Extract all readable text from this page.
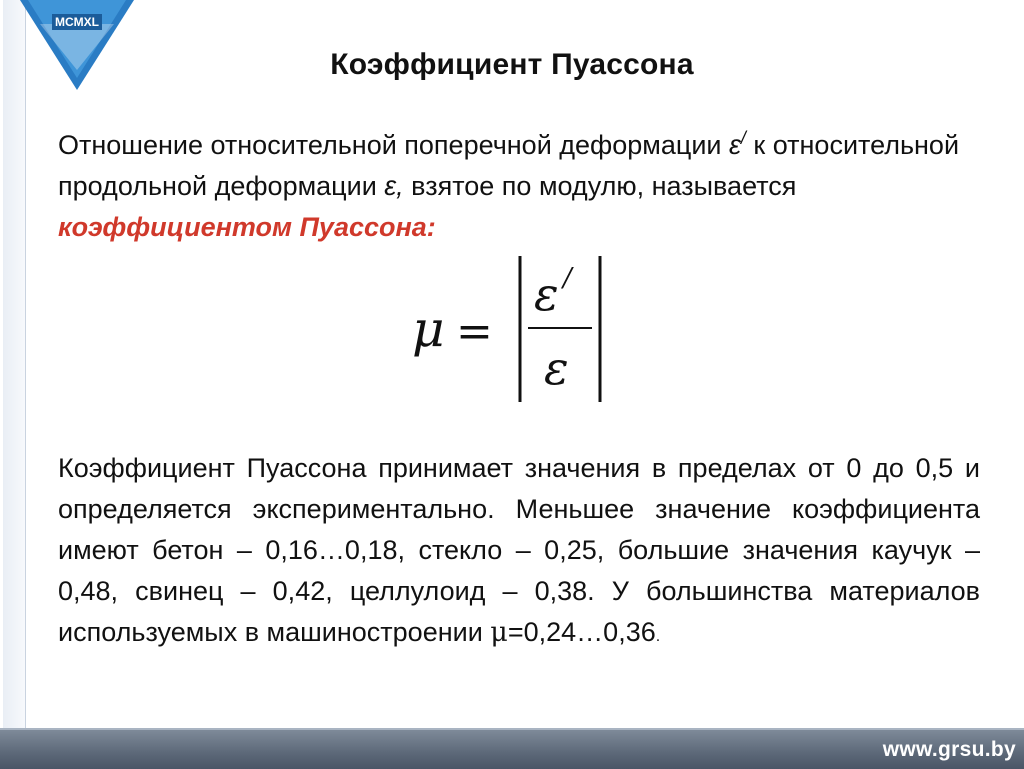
MCMXL
Коэффициент Пуассона
Отношение относительной поперечной деформации ε/ к относительной продольной деформации ε, взятое по модулю, называется коэффициентом Пуассона:
μ =
ε /
ε
Коэффициент Пуассона принимает значения в пределах от 0 до 0,5 и определяется экспериментально. Меньшее значение коэффициента имеют бетон – 0,16…0,18, стекло – 0,25, большие значения каучук – 0,48, свинец – 0,42, целлулоид – 0,38. У большинства материалов используемых в машиностроении μ=0,24…0,36.
www.grsu.by
